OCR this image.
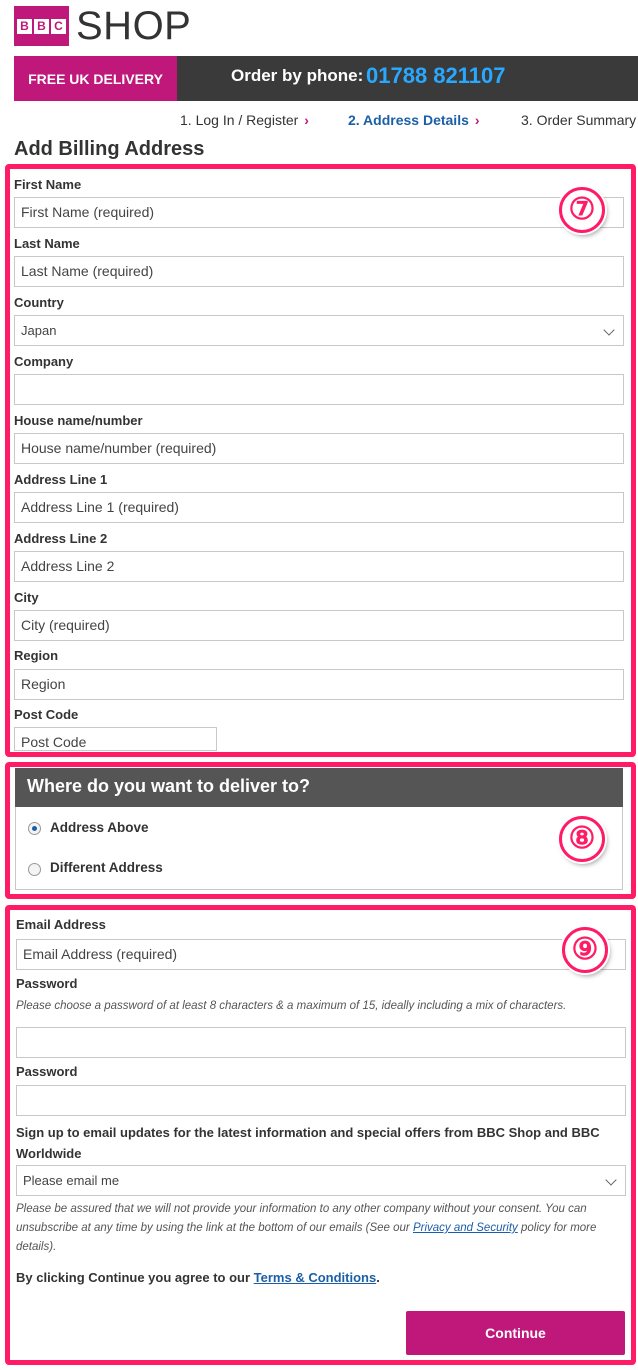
B B C SHOP
FREE UK DELIVERY	Order by phone: 01788 821107
1. Log In / Register ›	2. Address Details ›	3. Order Summary
Add Billing Address
First Name
First Name (required)
Last Name
Last Name (required)
Country
Japan
Company
House name/number
House name/number (required)
Address Line 1
Address Line 1 (required)
Address Line 2
Address Line 2
City
City (required)
Region
Region
Post Code
Post Code
⑦
Where do you want to deliver to?
Address Above
Different Address
⑧
Email Address
Email Address (required)
Password
Please choose a password of at least 8 characters & a maximum of 15, ideally including a mix of characters.
Password
Sign up to email updates for the latest information and special offers from BBC Shop and BBC
Worldwide
Please email me
Please be assured that we will not provide your information to any other company without your consent. You can
unsubscribe at any time by using the link at the bottom of our emails (See our Privacy and Security policy for more
details).
By clicking Continue you agree to our Terms & Conditions.
Continue
⑨
